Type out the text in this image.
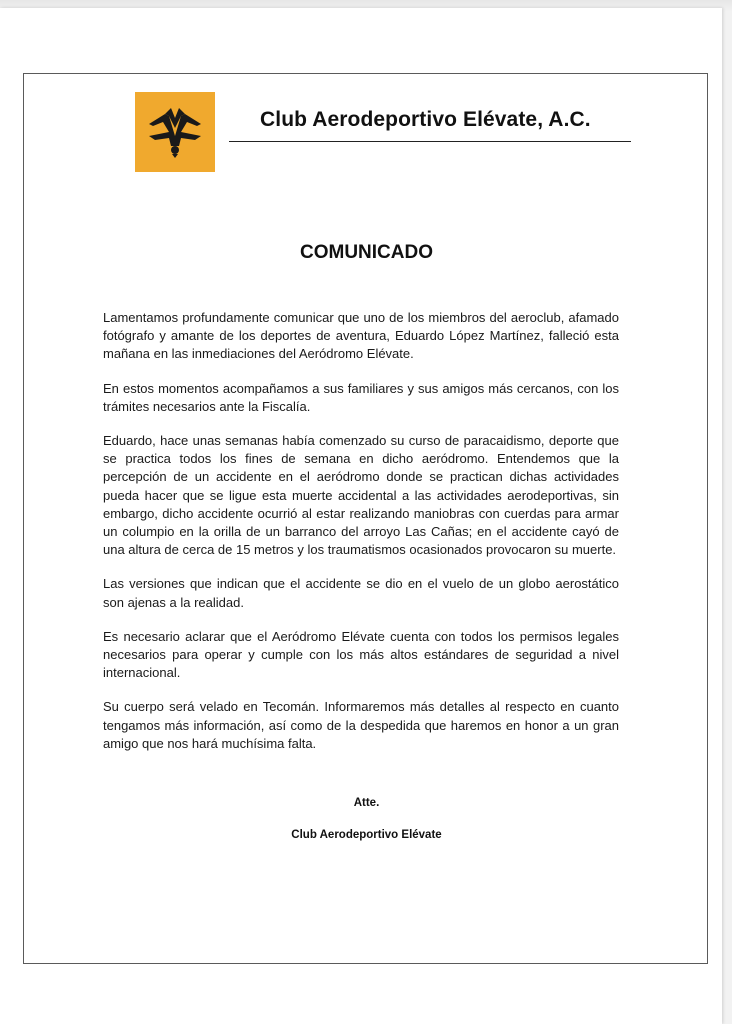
Club Aerodeportivo Elévate, A.C.
COMUNICADO

Lamentamos profundamente comunicar que uno de los miembros del aeroclub, afamado fotógrafo y amante de los deportes de aventura, Eduardo López Martínez, falleció esta mañana en las inmediaciones del Aeródromo Elévate.

En estos momentos acompañamos a sus familiares y sus amigos más cercanos, con los trámites necesarios ante la Fiscalía.

Eduardo, hace unas semanas había comenzado su curso de paracaidismo, deporte que se practica todos los fines de semana en dicho aeródromo. Entendemos que la percepción de un accidente en el aeródromo donde se practican dichas actividades pueda hacer que se ligue esta muerte accidental a las actividades aerodeportivas, sin embargo, dicho accidente ocurrió al estar realizando maniobras con cuerdas para armar un columpio en la orilla de un barranco del arroyo Las Cañas; en el accidente cayó de una altura de cerca de 15 metros y los traumatismos ocasionados provocaron su muerte.

Las versiones que indican que el accidente se dio en el vuelo de un globo aerostático son ajenas a la realidad.

Es necesario aclarar que el Aeródromo Elévate cuenta con todos los permisos legales necesarios para operar y cumple con los más altos estándares de seguridad a nivel internacional.

Su cuerpo será velado en Tecomán. Informaremos más detalles al respecto en cuanto tengamos más información, así como de la despedida que haremos en honor a un gran amigo que nos hará muchísima falta.

Atte.
Club Aerodeportivo Elévate
